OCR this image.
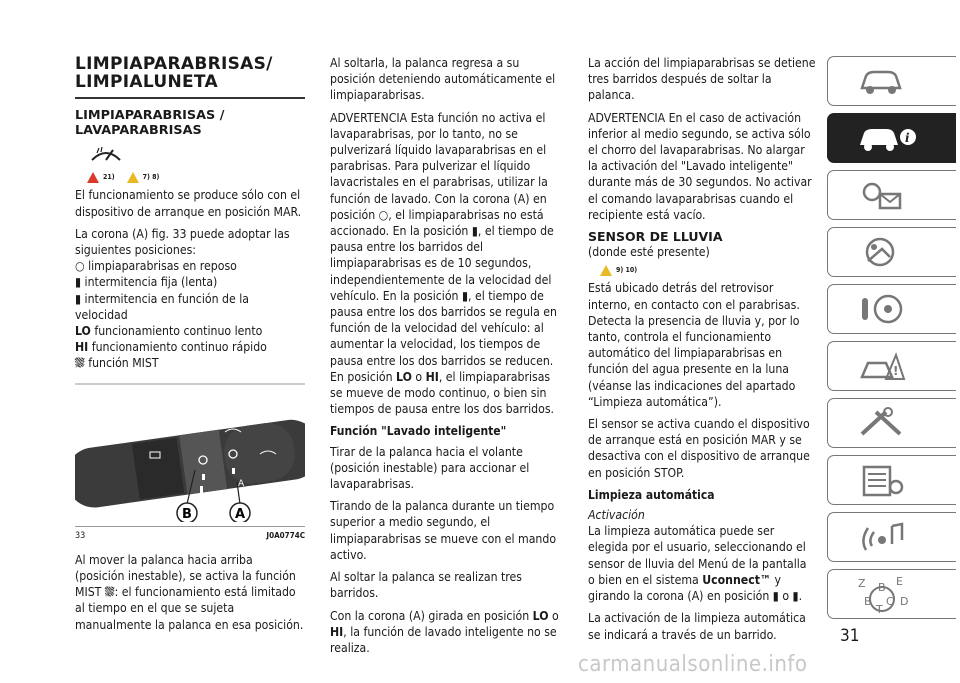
LIMPIAPARABRISAS/
LIMPIALUNETA
LIMPIAPARABRISAS /
LAVAPARABRISAS
21)	7) 8)

El funcionamiento se produce sólo con el dispositivo de arranque en posición MAR.

La corona (A) fig. 33 puede adoptar las siguientes posiciones:

○ limpiaparabrisas en reposo
▮ intermitencia fija (lenta)
▮ intermitencia en función de la velocidad
LO funcionamiento continuo lento
HI funcionamiento continuo rápido
⛆ función MIST
A
B	A
33	J0A0774C

Al mover la palanca hacia arriba (posición inestable), se activa la función MIST ⛆: el funcionamiento está limitado al tiempo en el que se sujeta manualmente la palanca en esa posición.

Al soltarla, la palanca regresa a su posición deteniendo automáticamente el limpiaparabrisas.

ADVERTENCIA Esta función no activa el lavaparabrisas, por lo tanto, no se pulverizará líquido lavaparabrisas en el parabrisas. Para pulverizar el líquido lavacristales en el parabrisas, utilizar la función de lavado. Con la corona (A) en posición ○, el limpiaparabrisas no está accionado. En la posición ▮, el tiempo de pausa entre los barridos del limpiaparabrisas es de 10 segundos, independientemente de la velocidad del vehículo. En la posición ▮, el tiempo de pausa entre los dos barridos se regula en función de la velocidad del vehículo: al aumentar la velocidad, los tiempos de pausa entre los dos barridos se reducen. En posición LO o HI, el limpiaparabrisas se mueve de modo continuo, o bien sin tiempos de pausa entre los dos barridos.

Función "Lavado inteligente"

Tirar de la palanca hacia el volante (posición inestable) para accionar el lavaparabrisas.

Tirando de la palanca durante un tiempo superior a medio segundo, el limpiaparabrisas se mueve con el mando activo.

Al soltar la palanca se realizan tres barridos.

Con la corona (A) girada en posición LO o HI, la función de lavado inteligente no se realiza.

La acción del limpiaparabrisas se detiene tres barridos después de soltar la palanca.

ADVERTENCIA En el caso de activación inferior al medio segundo, se activa sólo el chorro del lavaparabrisas. No alargar la activación del "Lavado inteligente" durante más de 30 segundos. No activar el comando lavaparabrisas cuando el recipiente está vacío.

SENSOR DE LLUVIA
(donde esté presente)
9) 10)

Está ubicado detrás del retrovisor interno, en contacto con el parabrisas. Detecta la presencia de lluvia y, por lo tanto, controla el funcionamiento automático del limpiaparabrisas en función del agua presente en la luna (véanse las indicaciones del apartado “Limpieza automática”).

El sensor se activa cuando el dispositivo de arranque está en posición MAR y se desactiva con el dispositivo de arranque en posición STOP.

Limpieza automática
Activación

La limpieza automática puede ser elegida por el usuario, seleccionando el sensor de lluvia del Menú de la pantalla o bien en el sistema Uconnect™ y girando la corona (A) en posición ▮ o ▮.

La activación de la limpieza automática se indicará a través de un barrido.

i
!
Z	E
B
B C D
T
31
carmanualsonline.info
